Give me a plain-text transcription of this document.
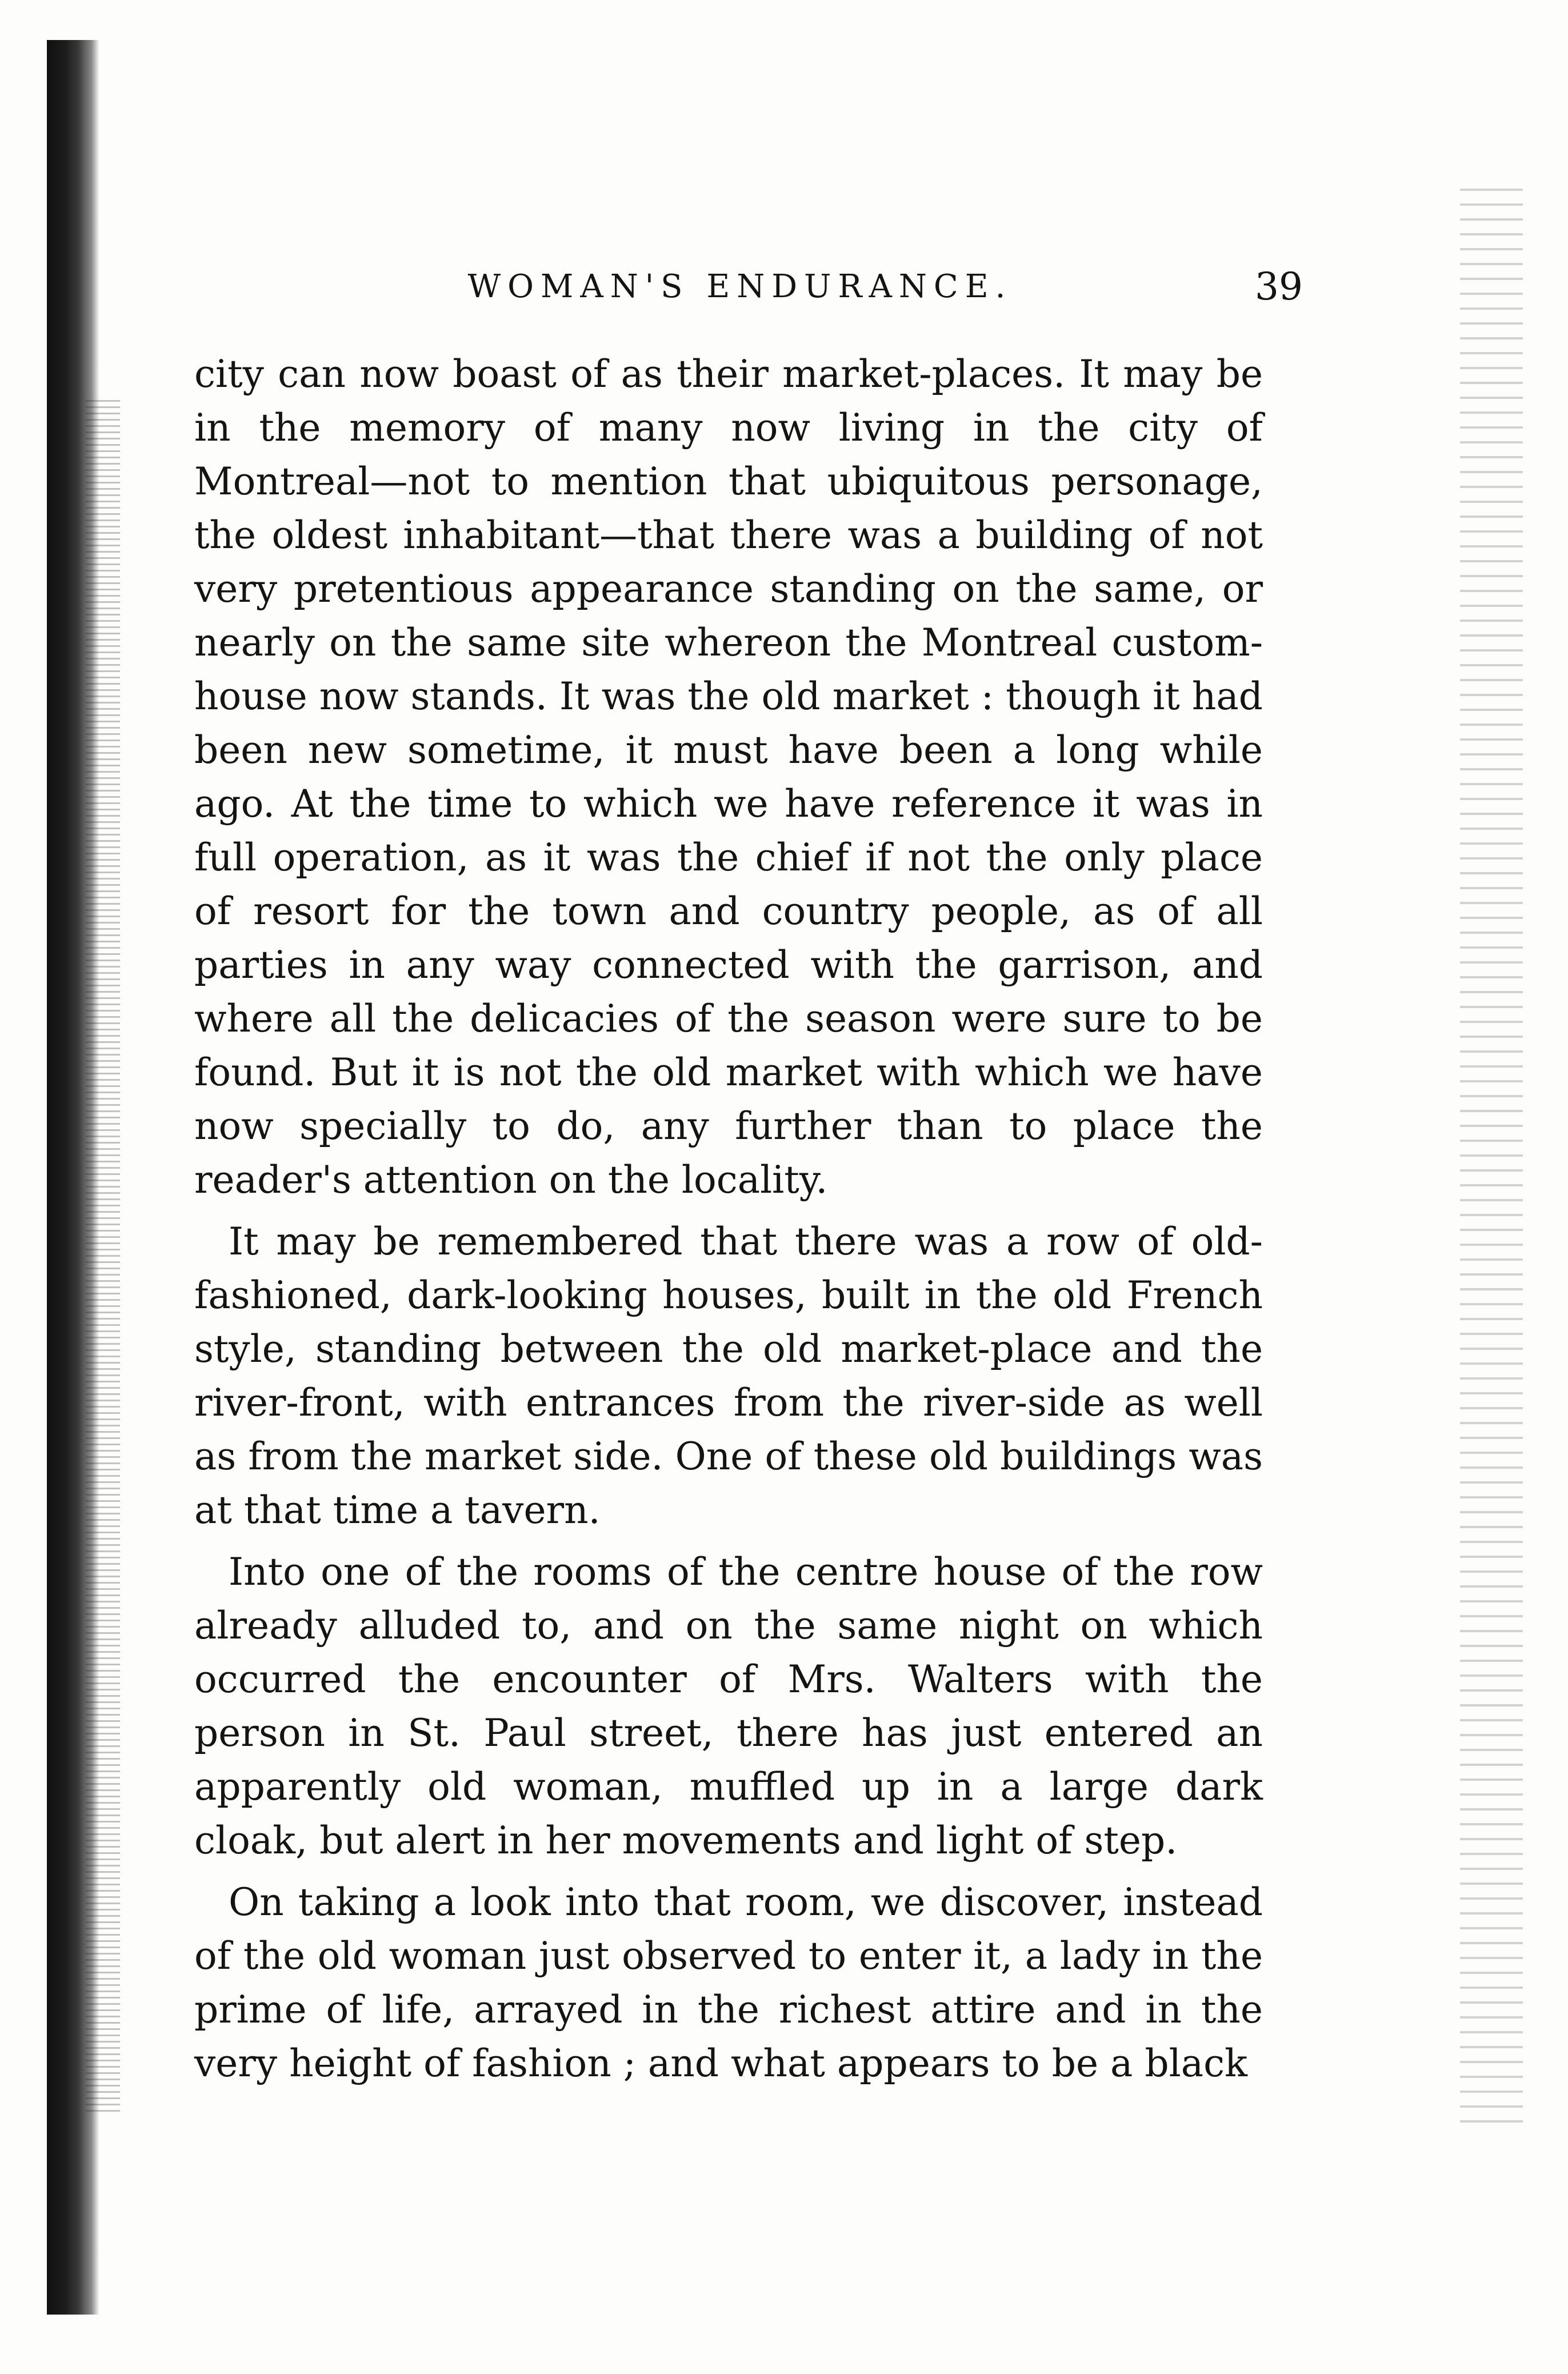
WOMAN'S ENDURANCE.	39

city can now boast of as their market-places. It may be in the memory of many now living in the city of Montreal—not to mention that ubiquitous personage, the oldest inhabitant—that there was a building of not very pretentious appearance standing on the same, or nearly on the same site whereon the Montreal custom-house now stands. It was the old market : though it had been new sometime, it must have been a long while ago. At the time to which we have reference it was in full operation, as it was the chief if not the only place of resort for the town and country people, as of all parties in any way connected with the garrison, and where all the delicacies of the season were sure to be found. But it is not the old market with which we have now specially to do, any further than to place the reader's attention on the locality.

It may be remembered that there was a row of old-fashioned, dark-looking houses, built in the old French style, standing between the old market-place and the river-front, with entrances from the river-side as well as from the market side. One of these old buildings was at that time a tavern.

Into one of the rooms of the centre house of the row already alluded to, and on the same night on which occurred the encounter of Mrs. Walters with the person in St. Paul street, there has just entered an apparently old woman, muffled up in a large dark cloak, but alert in her movements and light of step.

On taking a look into that room, we discover, instead of the old woman just observed to enter it, a lady in the prime of life, arrayed in the richest attire and in the very height of fashion ; and what appears to be a black
